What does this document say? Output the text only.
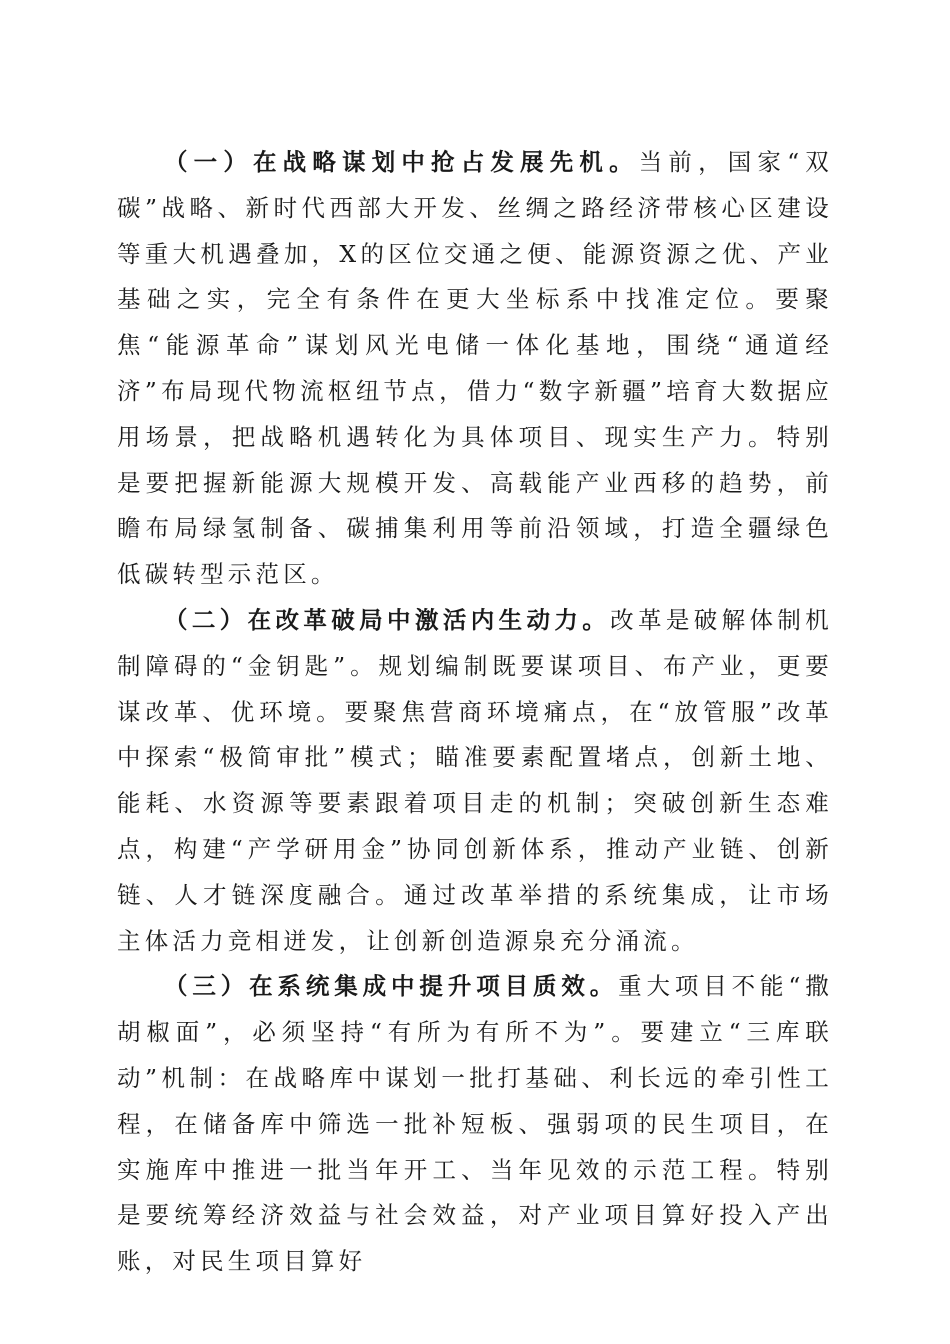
（一）在战略谋划中抢占发展先机。当前，国家“双碳”战略、新时代西部大开发、丝绸之路经济带核心区建设等重大机遇叠加，X的区位交通之便、能源资源之优、产业基础之实，完全有条件在更大坐标系中找准定位。要聚焦“能源革命”谋划风光电储一体化基地，围绕“通道经济”布局现代物流枢纽节点，借力“数字新疆”培育大数据应用场景，把战略机遇转化为具体项目、现实生产力。特别是要把握新能源大规模开发、高载能产业西移的趋势，前瞻布局绿氢制备、碳捕集利用等前沿领域，打造全疆绿色低碳转型示范区。

（二）在改革破局中激活内生动力。改革是破解体制机制障碍的“金钥匙”。规划编制既要谋项目、布产业，更要谋改革、优环境。要聚焦营商环境痛点，在“放管服”改革中探索“极简审批”模式；瞄准要素配置堵点，创新土地、能耗、水资源等要素跟着项目走的机制；突破创新生态难点，构建“产学研用金”协同创新体系，推动产业链、创新链、人才链深度融合。通过改革举措的系统集成，让市场主体活力竞相迸发，让创新创造源泉充分涌流。

（三）在系统集成中提升项目质效。重大项目不能“撒胡椒面”，必须坚持“有所为有所不为”。要建立“三库联动”机制：在战略库中谋划一批打基础、利长远的牵引性工程，在储备库中筛选一批补短板、强弱项的民生项目，在实施库中推进一批当年开工、当年见效的示范工程。特别是要统筹经济效益与社会效益，对产业项目算好投入产出账，对民生项目算好
